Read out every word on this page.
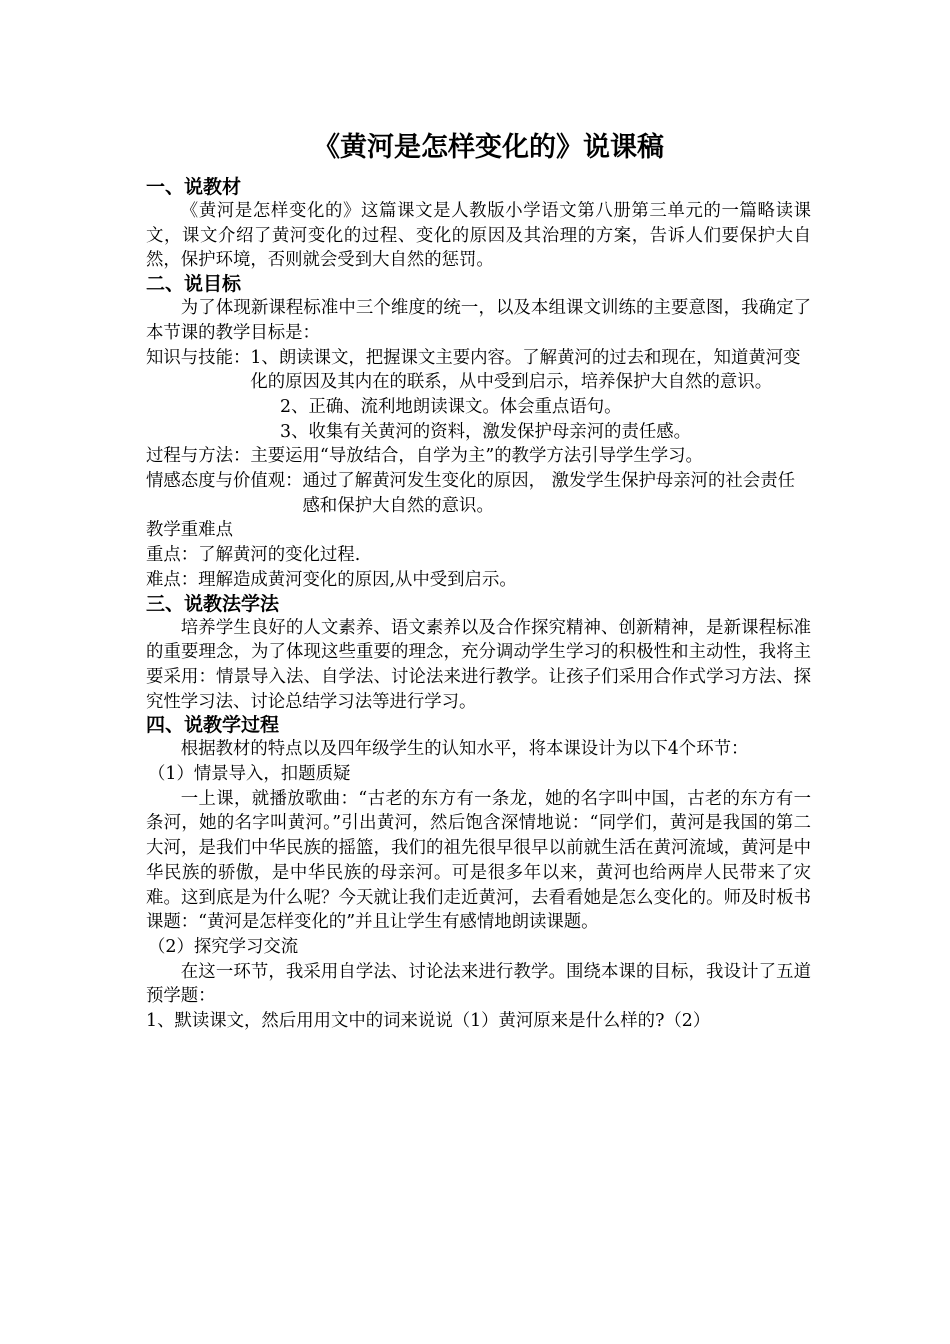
《黄河是怎样变化的》说课稿
一、说教材

《黄河是怎样变化的》这篇课文是人教版小学语文第八册第三单元的一篇略读课文，课文介绍了黄河变化的过程、变化的原因及其治理的方案，告诉人们要保护大自然，保护环境，否则就会受到大自然的惩罚。

二、说目标

为了体现新课程标准中三个维度的统一，以及本组课文训练的主要意图，我确定了本节课的教学目标是：

知识与技能： 1、朗读课文，把握课文主要内容。了解黄河的过去和现在，知道黄河变化的原因及其内在的联系，从中受到启示，培养保护大自然的意识。
2、正确、流利地朗读课文。体会重点语句。
3、收集有关黄河的资料，激发保护母亲河的责任感。
过程与方法： 主要运用“导放结合，自学为主”的教学方法引导学生学习。
情感态度与价值观： 通过了解黄河发生变化的原因， 激发学生保护母亲河的社会责任感和保护大自然的意识。
教学重难点
重点：了解黄河的变化过程.
难点：理解造成黄河变化的原因,从中受到启示。
三、说教法学法

培养学生良好的人文素养、语文素养以及合作探究精神、创新精神，是新课程标准的重要理念，为了体现这些重要的理念，充分调动学生学习的积极性和主动性，我将主要采用：情景导入法、自学法、讨论法来进行教学。让孩子们采用合作式学习方法、探究性学习法、讨论总结学习法等进行学习。

四、说教学过程

根据教材的特点以及四年级学生的认知水平，将本课设计为以下4个环节：

（1）情景导入，扣题质疑

一上课，就播放歌曲：“古老的东方有一条龙，她的名字叫中国，古老的东方有一条河，她的名字叫黄河。”引出黄河，然后饱含深情地说：“同学们，黄河是我国的第二大河，是我们中华民族的摇篮，我们的祖先很早很早以前就生活在黄河流域，黄河是中华民族的骄傲，是中华民族的母亲河。可是很多年以来，黄河也给两岸人民带来了灾难。这到底是为什么呢？今天就让我们走近黄河，去看看她是怎么变化的。师及时板书课题：“黄河是怎样变化的”并且让学生有感情地朗读课题。

（2）探究学习交流

在这一环节，我采用自学法、讨论法来进行教学。围绕本课的目标，我设计了五道预学题：

1、默读课文，然后用用文中的词来说说（1）黄河原来是什么样的?（2）
